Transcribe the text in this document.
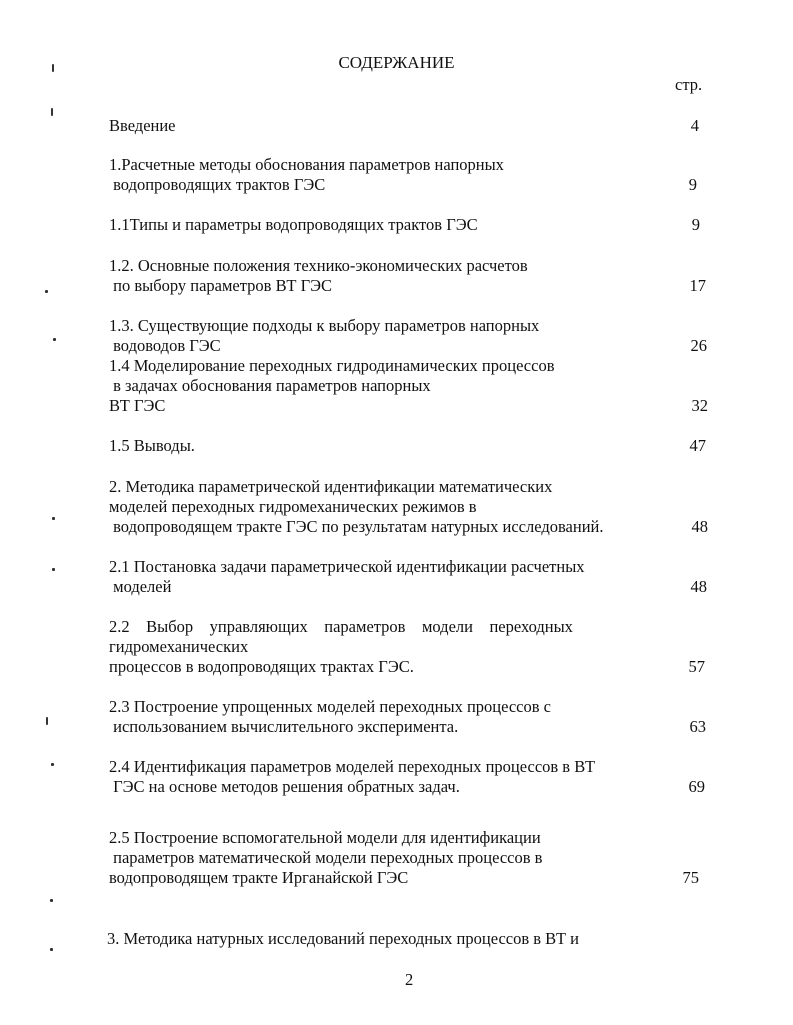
СОДЕРЖАНИЕ
стр.
Введение	4
1.Расчетные методы обоснования параметров напорных
водопроводящих трактов ГЭС	9
1.1Типы и параметры водопроводящих трактов ГЭС	9
1.2. Основные положения технико-экономических расчетов
по выбору параметров ВТ ГЭС	17
1.3. Существующие подходы к выбору параметров напорных
водоводов ГЭС	26
1.4 Моделирование переходных гидродинамических процессов
в задачах обоснования параметров напорных
ВТ ГЭС	32
1.5 Выводы.	47
2. Методика параметрической идентификации математических
моделей переходных гидромеханических режимов в
водопроводящем тракте ГЭС по результатам натурных исследований.	48
2.1 Постановка задачи параметрической идентификации расчетных
моделей	48
2.2    Выбор    управляющих    параметров    модели    переходных
гидромеханических
процессов в водопроводящих трактах ГЭС.	57
2.3 Построение упрощенных моделей переходных процессов с
использованием вычислительного эксперимента.	63
2.4 Идентификация параметров моделей переходных процессов в ВТ
ГЭС на основе методов решения обратных задач.	69
2.5 Построение вспомогательной модели для идентификации
параметров математической модели переходных процессов в
водопроводящем тракте Ирганайской ГЭС	75
3. Методика натурных исследований переходных процессов в ВТ и
2
